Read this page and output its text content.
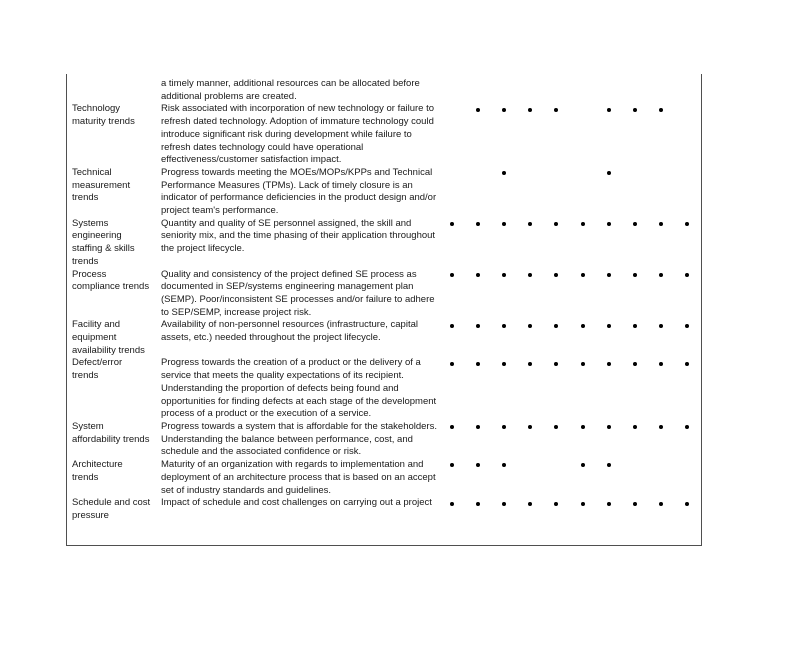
a timely manner, additional resources can be allocated before additional problems are created.
Technology maturity trends
Risk associated with incorporation of new technology or failure to refresh dated technology. Adoption of immature technology could introduce significant risk during development while failure to refresh dates technology could have operational effectiveness/customer satisfaction impact.
Technical measurement trends
Progress towards meeting the MOEs/MOPs/KPPs and Technical Performance Measures (TPMs). Lack of timely closure is an indicator of performance deficiencies in the product design and/or project team's performance.
Systems engineering staffing & skills trends
Quantity and quality of SE personnel assigned, the skill and seniority mix, and the time phasing of their application throughout the project lifecycle.
Process compliance trends
Quality and consistency of the project defined SE process as documented in SEP/systems engineering management plan (SEMP). Poor/inconsistent SE processes and/or failure to adhere to SEP/SEMP, increase project risk.
Facility and equipment availability trends
Availability of non-personnel resources (infrastructure, capital assets, etc.) needed throughout the project lifecycle.
Defect/error trends
Progress towards the creation of a product or the delivery of a service that meets the quality expectations of its recipient. Understanding the proportion of defects being found and opportunities for finding defects at each stage of the development process of a product or the execution of a service.
System affordability trends
Progress towards a system that is affordable for the stakeholders. Understanding the balance between performance, cost, and schedule and the associated confidence or risk.
Architecture trends
Maturity of an organization with regards to implementation and deployment of an architecture process that is based on an accept set of industry standards and guidelines.
Schedule and cost pressure
Impact of schedule and cost challenges on carrying out a project
